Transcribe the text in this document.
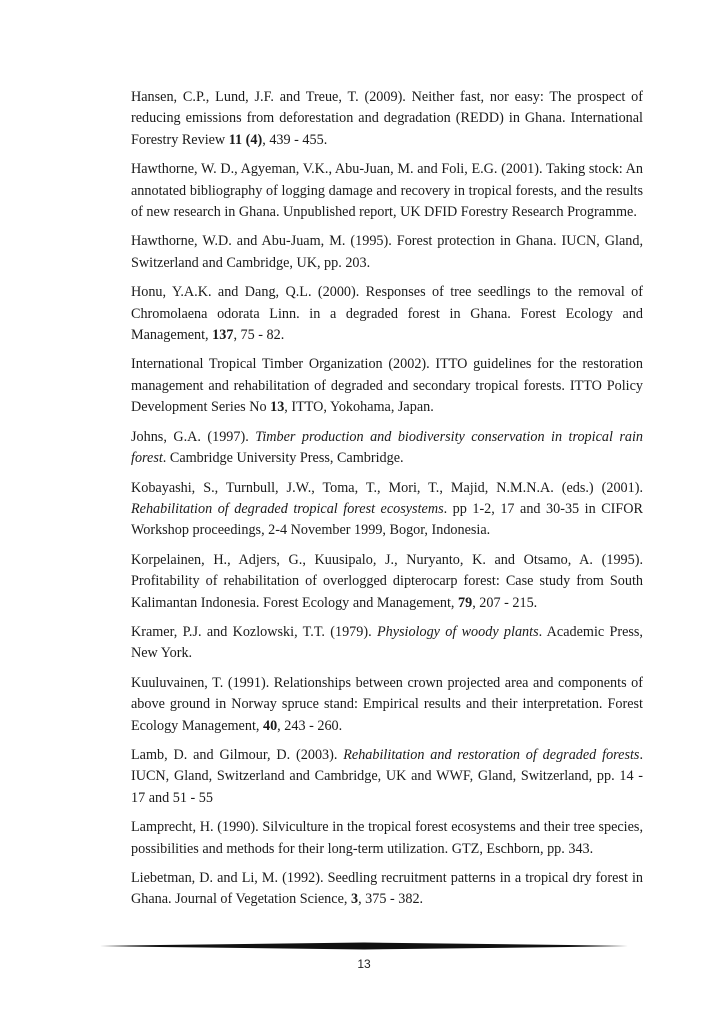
Hansen, C.P., Lund, J.F. and Treue, T. (2009). Neither fast, nor easy: The prospect of reducing emissions from deforestation and degradation (REDD) in Ghana. International Forestry Review 11 (4), 439 - 455.

Hawthorne, W. D., Agyeman, V.K., Abu-Juan, M. and Foli, E.G. (2001). Taking stock: An annotated bibliography of logging damage and recovery in tropical forests, and the results of new research in Ghana. Unpublished report, UK DFID Forestry Research Programme.

Hawthorne, W.D. and Abu-Juam, M. (1995). Forest protection in Ghana. IUCN, Gland, Switzerland and Cambridge, UK, pp. 203.

Honu, Y.A.K. and Dang, Q.L. (2000). Responses of tree seedlings to the removal of Chromolaena odorata Linn. in a degraded forest in Ghana. Forest Ecology and Management, 137, 75 - 82.

International Tropical Timber Organization (2002). ITTO guidelines for the restoration management and rehabilitation of degraded and secondary tropical forests. ITTO Policy Development Series No 13, ITTO, Yokohama, Japan.

Johns, G.A. (1997). Timber production and biodiversity conservation in tropical rain forest. Cambridge University Press, Cambridge.

Kobayashi, S., Turnbull, J.W., Toma, T., Mori, T., Majid, N.M.N.A. (eds.) (2001). Rehabilitation of degraded tropical forest ecosystems. pp 1-2, 17 and 30-35 in CIFOR Workshop proceedings, 2-4 November 1999, Bogor, Indonesia.

Korpelainen, H., Adjers, G., Kuusipalo, J., Nuryanto, K. and Otsamo, A. (1995). Profitability of rehabilitation of overlogged dipterocarp forest: Case study from South Kalimantan Indonesia. Forest Ecology and Management, 79, 207 - 215.

Kramer, P.J. and Kozlowski, T.T. (1979). Physiology of woody plants. Academic Press, New York.

Kuuluvainen, T. (1991). Relationships between crown projected area and components of above ground in Norway spruce stand: Empirical results and their interpretation. Forest Ecology Management, 40, 243 - 260.

Lamb, D. and Gilmour, D. (2003). Rehabilitation and restoration of degraded forests. IUCN, Gland, Switzerland and Cambridge, UK and WWF, Gland, Switzerland, pp. 14 - 17 and 51 - 55

Lamprecht, H. (1990). Silviculture in the tropical forest ecosystems and their tree species, possibilities and methods for their long-term utilization. GTZ, Eschborn, pp. 343.

Liebetman, D. and Li, M. (1992). Seedling recruitment patterns in a tropical dry forest in Ghana. Journal of Vegetation Science, 3, 375 - 382.

13
